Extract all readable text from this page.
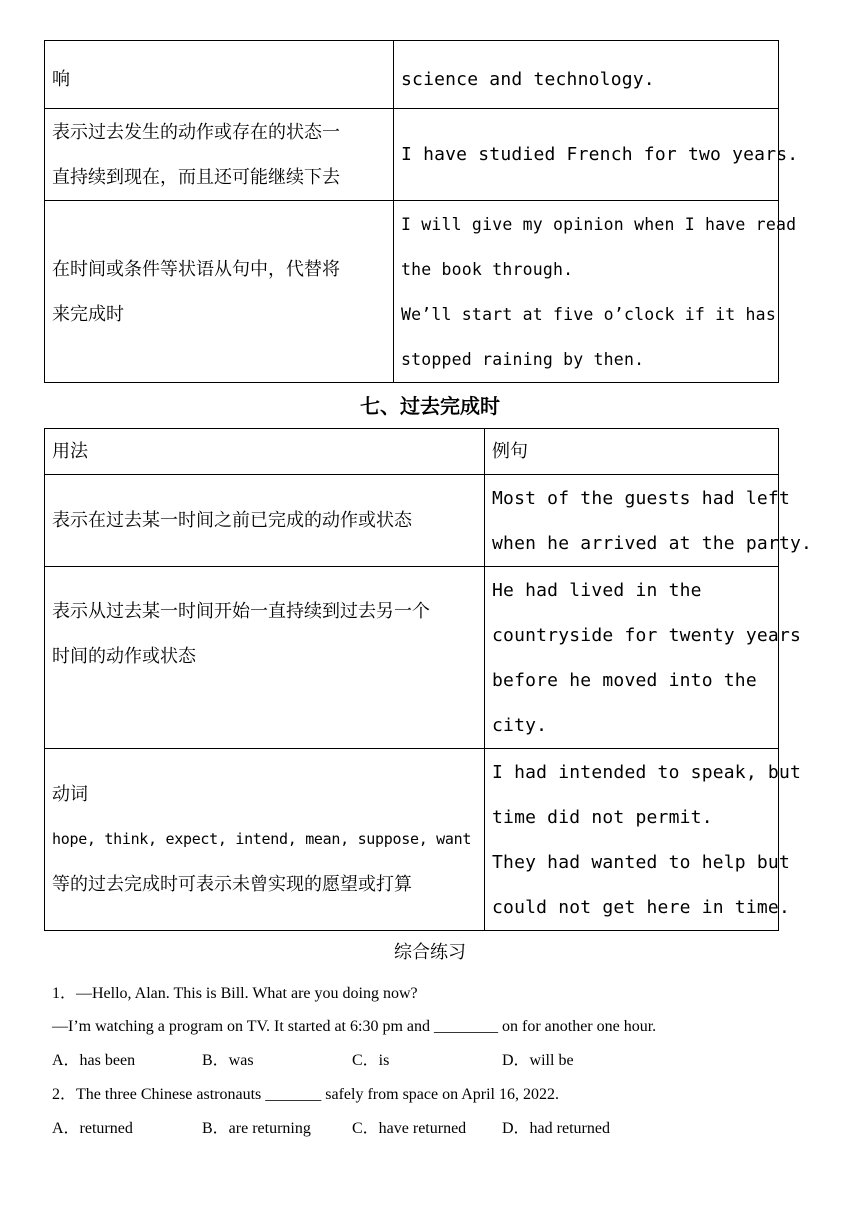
响	science and technology.

表示过去发生的动作或存在的状态一
直持续到现在，而且还可能继续下去	I have studied French for two years.

在时间或条件等状语从句中，代替将
来完成时	I will give my opinion when I have read
the book through.
We’ll start at five o’clock if it has
stopped raining by then.
七、过去完成时
用法	例句

表示在过去某一时间之前已完成的动作或状态	Most of the guests had left
when he arrived at the party.

表示从过去某一时间开始一直持续到过去另一个
时间的动作或状态	He had lived in the
countryside for twenty years
before he moved into the
city.

动词
hope, think, expect, intend, mean, suppose, want
等的过去完成时可表示未曾实现的愿望或打算	I had intended to speak, but
time did not permit.
They had wanted to help but
could not get here in time.
综合练习
1．—Hello, Alan. This is Bill. What are you doing now?
—I’m watching a program on TV. It started at 6:30 pm and ________ on for another one hour.
A．has been	B．was	C．is	D．will be
2．The three Chinese astronauts _______ safely from space on April 16, 2022.
A．returned	B．are returning	C．have returned D．had returned
